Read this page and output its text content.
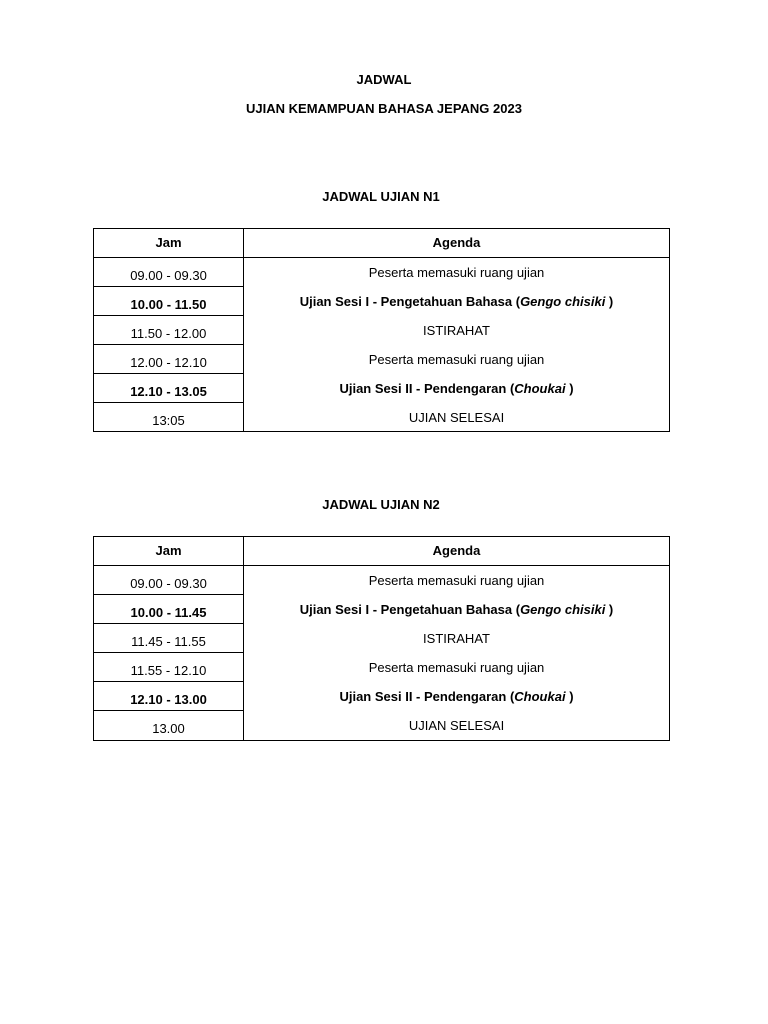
JADWAL
UJIAN KEMAMPUAN BAHASA JEPANG 2023
JADWAL UJIAN N1
Jam	Agenda
09.00 - 09.30
10.00 - 11.50
11.50 - 12.00
12.00 - 12.10
12.10 - 13.05
13:05
Peserta memasuki ruang ujian
Ujian Sesi I - Pengetahuan Bahasa (Gengo chisiki )
ISTIRAHAT
Peserta memasuki ruang ujian
Ujian Sesi II - Pendengaran (Choukai )
UJIAN SELESAI
JADWAL UJIAN N2
Jam	Agenda
09.00 - 09.30
10.00 - 11.45
11.45 - 11.55
11.55 - 12.10
12.10 - 13.00
13.00
Peserta memasuki ruang ujian
Ujian Sesi I - Pengetahuan Bahasa (Gengo chisiki )
ISTIRAHAT
Peserta memasuki ruang ujian
Ujian Sesi II - Pendengaran (Choukai )
UJIAN SELESAI
